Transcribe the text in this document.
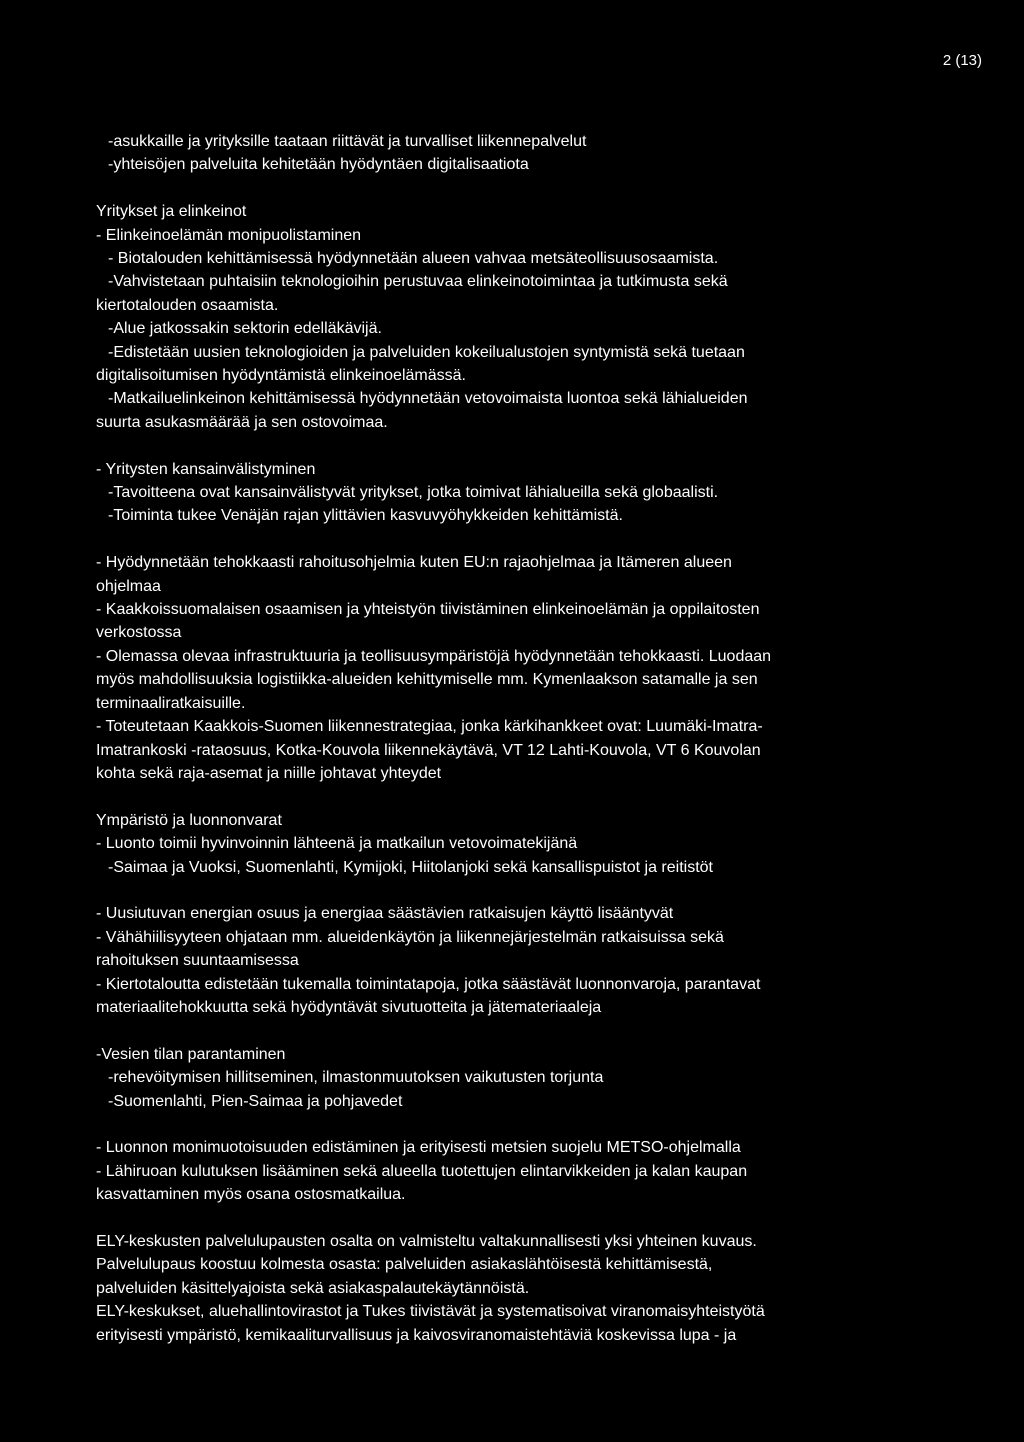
2 (13)
-asukkaille ja yrityksille taataan riittävät ja turvalliset liikennepalvelut
-yhteisöjen palveluita kehitetään hyödyntäen digitalisaatiota
Yritykset ja elinkeinot
- Elinkeinoelämän monipuolistaminen
- Biotalouden kehittämisessä hyödynnetään alueen vahvaa metsäteollisuusosaamista.
-Vahvistetaan puhtaisiin teknologioihin perustuvaa elinkeinotoimintaa ja tutkimusta sekä
kiertotalouden osaamista.
-Alue jatkossakin sektorin edelläkävijä.
-Edistetään uusien teknologioiden ja palveluiden kokeilualustojen syntymistä sekä tuetaan
digitalisoitumisen hyödyntämistä elinkeinoelämässä.
-Matkailuelinkeinon kehittämisessä hyödynnetään vetovoimaista luontoa sekä lähialueiden
suurta asukasmäärää ja sen ostovoimaa.
- Yritysten kansainvälistyminen
-Tavoitteena ovat kansainvälistyvät yritykset, jotka toimivat lähialueilla sekä globaalisti.
-Toiminta tukee Venäjän rajan ylittävien kasvuvyöhykkeiden kehittämistä.
- Hyödynnetään tehokkaasti rahoitusohjelmia kuten EU:n rajaohjelmaa ja Itämeren alueen
ohjelmaa
- Kaakkoissuomalaisen osaamisen ja yhteistyön tiivistäminen elinkeinoelämän ja oppilaitosten
verkostossa
- Olemassa olevaa infrastruktuuria ja teollisuusympäristöjä hyödynnetään tehokkaasti. Luodaan
myös mahdollisuuksia logistiikka-alueiden kehittymiselle mm. Kymenlaakson satamalle ja sen
terminaaliratkaisuille.
- Toteutetaan Kaakkois-Suomen liikennestrategiaa, jonka kärkihankkeet ovat: Luumäki-Imatra-
Imatrankoski -rataosuus, Kotka-Kouvola liikennekäytävä, VT 12 Lahti-Kouvola, VT 6 Kouvolan
kohta sekä raja-asemat ja niille johtavat yhteydet
Ympäristö ja luonnonvarat
- Luonto toimii hyvinvoinnin lähteenä ja matkailun vetovoimatekijänä
-Saimaa ja Vuoksi, Suomenlahti, Kymijoki, Hiitolanjoki sekä kansallispuistot ja reitistöt
- Uusiutuvan energian osuus ja energiaa säästävien ratkaisujen käyttö lisääntyvät
- Vähähiilisyyteen ohjataan mm. alueidenkäytön ja liikennejärjestelmän ratkaisuissa sekä
rahoituksen suuntaamisessa
- Kiertotaloutta edistetään tukemalla toimintatapoja, jotka säästävät luonnonvaroja, parantavat
materiaalitehokkuutta sekä hyödyntävät sivutuotteita ja jätemateriaaleja
-Vesien tilan parantaminen
-rehevöitymisen hillitseminen, ilmastonmuutoksen vaikutusten torjunta
-Suomenlahti, Pien-Saimaa ja pohjavedet
- Luonnon monimuotoisuuden edistäminen ja erityisesti metsien suojelu METSO-ohjelmalla
- Lähiruoan kulutuksen lisääminen sekä alueella tuotettujen elintarvikkeiden ja kalan kaupan
kasvattaminen myös osana ostosmatkailua.
ELY-keskusten palvelulupausten osalta on valmisteltu valtakunnallisesti yksi yhteinen kuvaus.
Palvelulupaus koostuu kolmesta osasta: palveluiden asiakaslähtöisestä kehittämisestä,
palveluiden käsittelyajoista sekä asiakaspalautekäytännöistä.
ELY-keskukset, aluehallintovirastot ja Tukes tiivistävät ja systematisoivat viranomaisyhteistyötä
erityisesti ympäristö, kemikaaliturvallisuus ja kaivosviranomaistehtäviä koskevissa lupa - ja
